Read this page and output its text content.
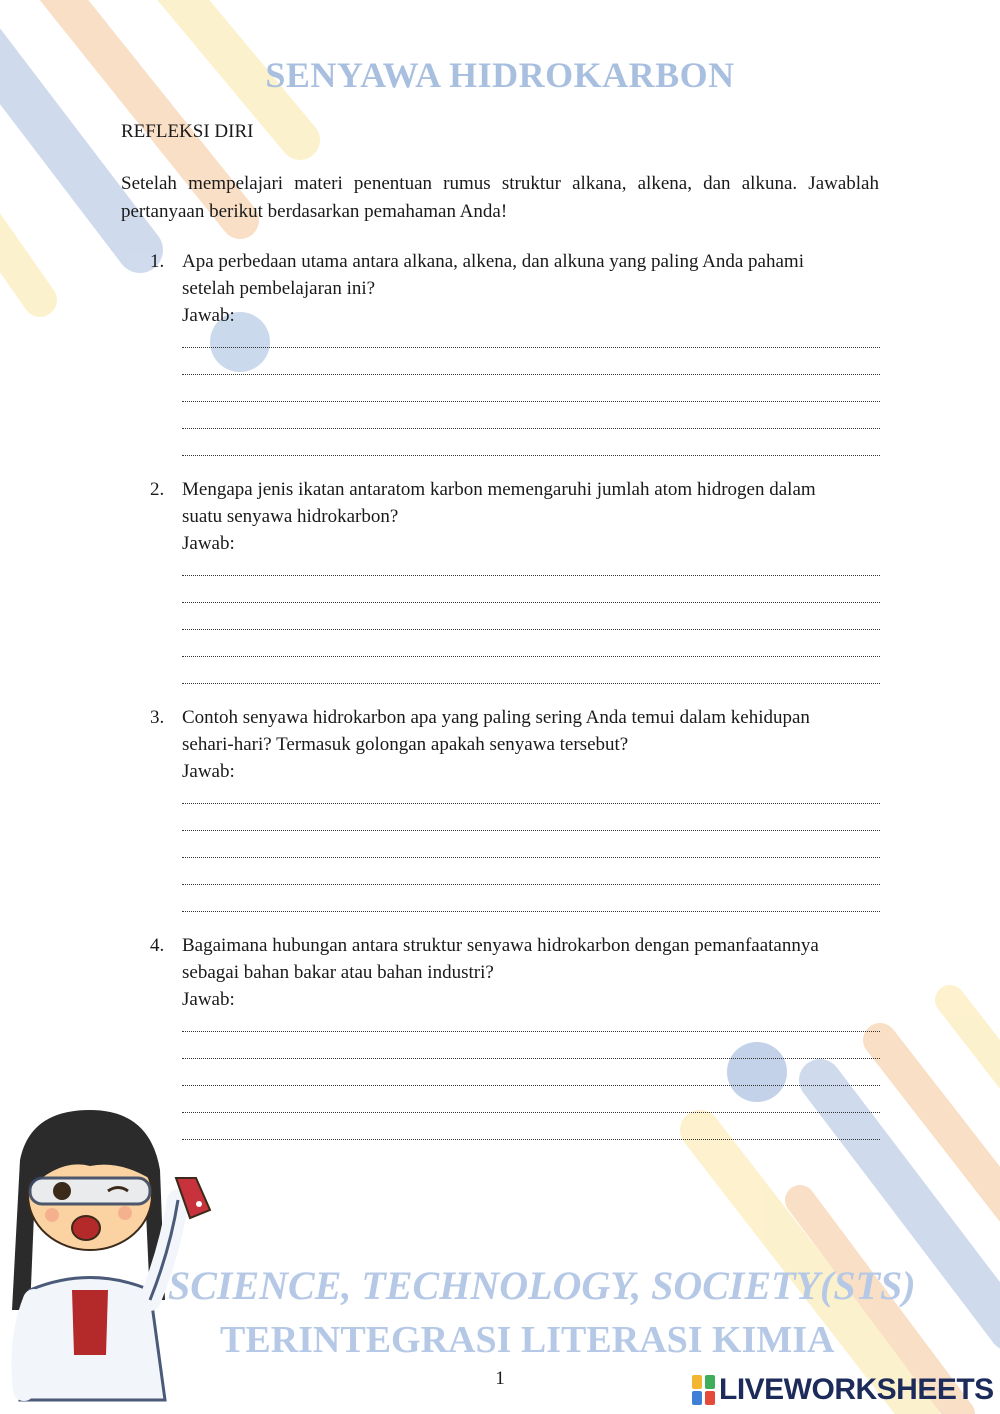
SENYAWA HIDROKARBON
REFLEKSI DIRI
Setelah mempelajari materi penentuan rumus struktur alkana, alkena, dan alkuna. Jawablah pertanyaan berikut berdasarkan pemahaman Anda!
1. Apa perbedaan utama antara alkana, alkena, dan alkuna yang paling Anda pahami
setelah pembelajaran ini?
Jawab:
2. Mengapa jenis ikatan antaratom karbon memengaruhi jumlah atom hidrogen dalam
suatu senyawa hidrokarbon?
Jawab:
3. Contoh senyawa hidrokarbon apa yang paling sering Anda temui dalam kehidupan
sehari-hari? Termasuk golongan apakah senyawa tersebut?
Jawab:
4. Bagaimana hubungan antara struktur senyawa hidrokarbon dengan pemanfaatannya
sebagai bahan bakar atau bahan industri?
Jawab:
SCIENCE, TECHNOLOGY, SOCIETY(STS)
TERINTEGRASI LITERASI KIMIA
1	LIVEWORKSHEETS
